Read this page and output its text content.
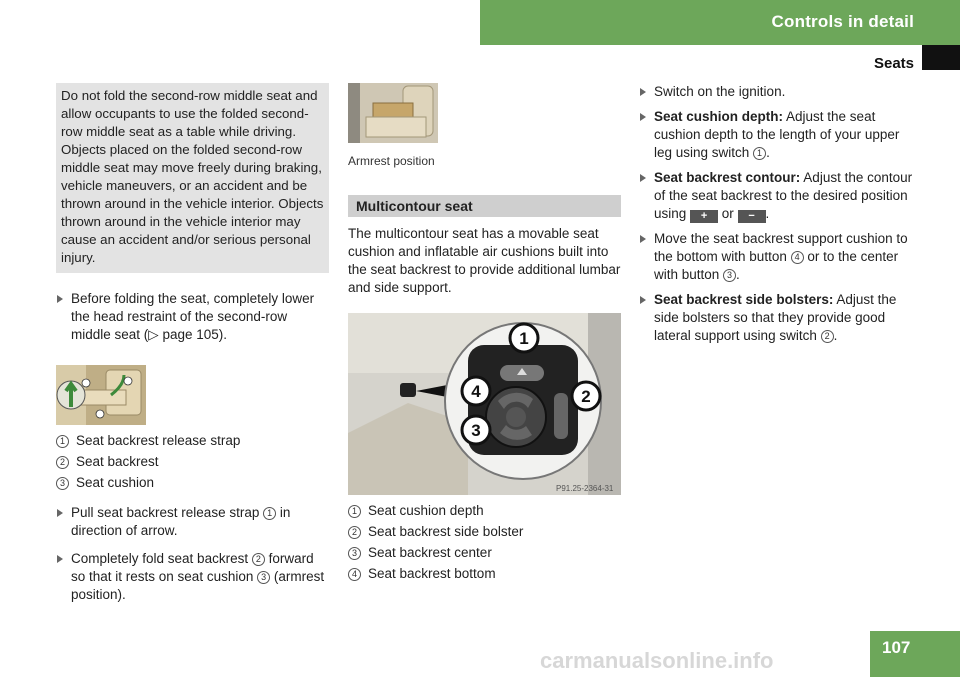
Controls in detail
Seats
Do not fold the second-row middle seat and allow occupants to use the folded second-row middle seat as a table while driving. Objects placed on the folded second-row middle seat may move freely during braking, vehicle maneuvers, or an accident and be thrown around in the vehicle interior. Objects thrown around in the vehicle interior may cause an accident and/or serious personal injury.

Before folding the seat, completely lower the head restraint of the second-row middle seat (▷ page 105).

1 Seat backrest release strap

2 Seat backrest

3 Seat cushion

Pull seat backrest release strap 1 in direction of arrow.

Completely fold seat backrest 2 forward so that it rests on seat cushion 3 (armrest position).

Armrest position
Multicontour seat

The multicontour seat has a movable seat cushion and inflatable air cushions built into the seat backrest to provide additional lumbar and side support.

1
2
3
4
P91.25-2364-31

1 Seat cushion depth

2 Seat backrest side bolster

3 Seat backrest center

4 Seat backrest bottom

Switch on the ignition.

Seat cushion depth: Adjust the seat cushion depth to the length of your upper leg using switch 1 .

Seat backrest contour: Adjust the contour of the seat backrest to the desired position using + or − .

Move the seat backrest support cushion to the bottom with button 4 or to the center with button 3 .

Seat backrest side bolsters: Adjust the side bolsters so that they provide good lateral support using switch 2 .

carmanualsonline.info
107
